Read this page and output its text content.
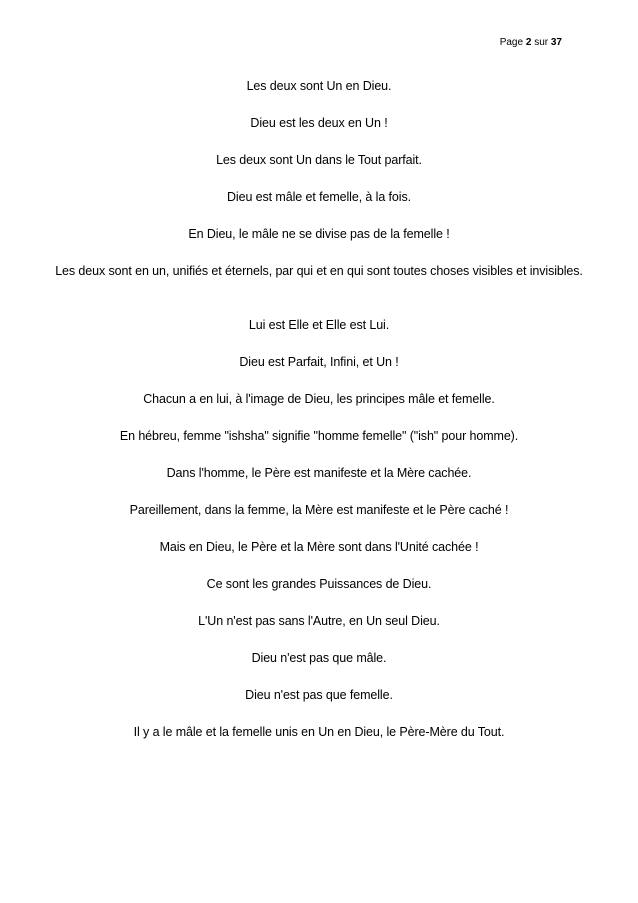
Page 2 sur 37

Les deux sont Un en Dieu.

Dieu est les deux en Un !

Les deux sont Un dans le Tout parfait.

Dieu est mâle et femelle, à la fois.

En Dieu, le mâle ne se divise pas de la femelle !

Les deux sont en un, unifiés et éternels, par qui et en qui sont toutes choses visibles et invisibles.

Lui est Elle et Elle est Lui.

Dieu est Parfait, Infini, et Un !

Chacun a en lui, à l'image de Dieu, les principes mâle et femelle.

En hébreu, femme "ishsha" signifie "homme femelle" ("ish" pour homme).

Dans l'homme, le Père est manifeste et la Mère cachée.

Pareillement, dans la femme, la Mère est manifeste et le Père caché !

Mais en Dieu, le Père et la Mère sont dans l'Unité cachée !

Ce sont les grandes Puissances de Dieu.

L'Un n'est pas sans l'Autre, en Un seul Dieu.

Dieu n'est pas que mâle.

Dieu n'est pas que femelle.

Il y a le mâle et la femelle unis en Un en Dieu, le Père-Mère du Tout.
